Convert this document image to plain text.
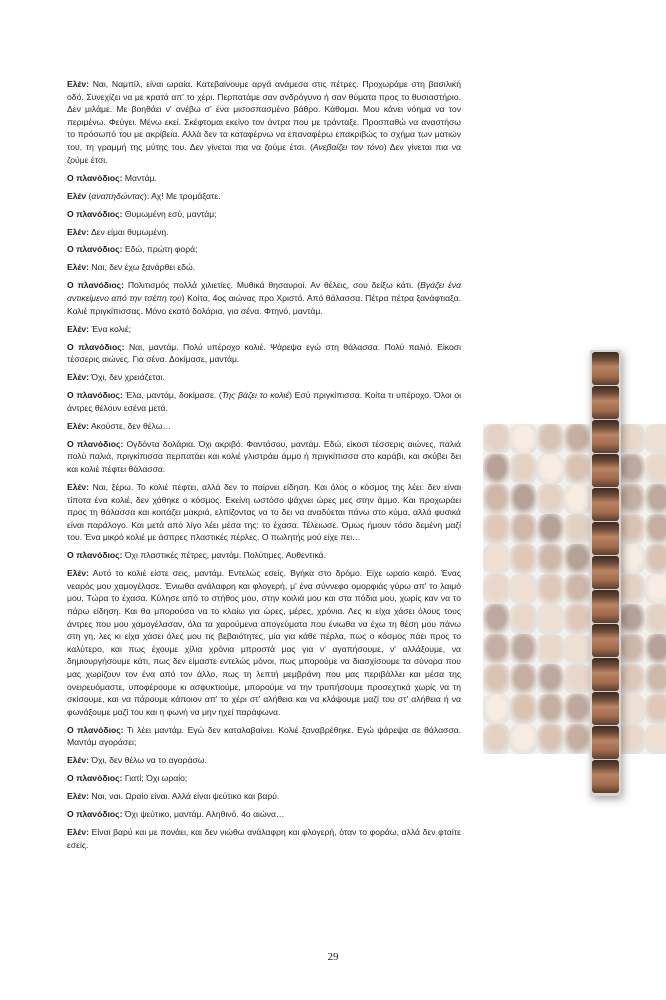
Ελέν: Ναι, Ναμπίλ, είναι ωραία. Κατεβαίνουμε αργά ανάμεσα στις πέτρες. Προχωράμε στη βασιλική οδό. Συνεχίζει να με κρατά απ' το χέρι. Περπατάμε σαν ανδρόγυνο ή σαν θύματα προς το θυσιαστήριο. Δεν μιλάμε. Με βοηθάει ν' ανέβω σ' ένα μισοσπασμένο βάθρο. Κάθομαι. Μου κάνει νόημα να τον περιμένω. Φεύγει. Μένω εκεί. Σκέφτομαι εκείνο τον άντρα που με τράνταξε. Προσπαθώ να αναστήσω το πρόσωπό του με ακρίβεια. Αλλά δεν τα καταφέρνω να επαναφέρω επακριβώς το σχήμα των ματιών του, τη γραμμή της μύτης του. Δεν γίνεται πια να ζούμε έτσι. (Ανεβαίζει τον τόνο) Δεν γίνεται πια να ζούμε έτσι.

Ο πλανόδιος: Μαντάμ.

Ελέν (αναπηδώντας): Αχ! Με τρομάξατε.

Ο πλανόδιος: Θυμωμένη εσύ, μαντάμ;

Ελέν: Δεν είμαι θυμωμένη.

Ο πλανόδιος: Εδώ, πρώτη φορά;

Ελέν: Ναι, δεν έχω ξανάρθει εδώ.

Ο πλανόδιος: Πολιτισμός πολλά χιλιετίες. Μυθικά θησαυροί. Αν θέλεις, σου δείξω κάτι. (Βγάζει ένα αντικείμενο από την τσέπη του) Κοίτα, 4ος αιώνας προ Χριστό. Από θάλασσα. Πέτρα πέτρα ξανάφτιαξα. Κολιέ πριγκίπισσας. Μόνο εκατό δολάρια, για σένα. Φτηνό, μαντάμ.

Ελέν: Ένα κολιέ;

Ο πλανόδιος: Ναι, μαντάμ. Πολύ υπέροχο κολιέ. Ψάρεψα εγώ στη θάλασσα. Πολύ παλιό. Είκοσι τέσσερις αιώνες. Για σένα. Δοκίμασε, μαντάμ.

Ελέν: Όχι, δεν χρειάζεται.

Ο πλανόδιος: Έλα, μαντάμ, δοκίμασε. (Της βάζει το κολιέ) Εσύ πριγκίπισσα. Κοίτα τι υπέροχο. Όλοι οι άντρες θέλουν εσένα μετά.

Ελέν: Ακούστε, δεν θέλω…

Ο πλανόδιος: Ογδόντα δολάρια. Όχι ακριβό. Φαντάσου, μαντάμ. Εδώ, είκοσι τέσσερις αιώνες, παλιά πολύ παλιά, πριγκίπισσα περπατάει και κολιέ γλιστράει άμμο ή πριγκίπισσα στο καράβι, και σκύβει δει και κολιέ πέφτει θάλασσα.

Ελέν: Ναι, ξέρω. Το κολιέ πέφτει, αλλά δεν το παίρνει είδηση. Και όλος ο κόσμος της λέει: δεν είναι τίποτα ένα κολιέ, δεν χάθηκε ο κόσμος. Εκείνη ωστόσο ψάχνει ώρες μες στην άμμο. Και προχωράει προς τη θάλασσα και κοιτάζει μακριά, ελπίζοντας να το δει να αναδύεται πάνω στο κύμα, αλλά φυσικά είναι παράλογο. Και μετά από λίγο λέει μέσα της: το έχασα. Τέλειωσε. Όμως ήμουν τόσο δεμένη μαζί του. Ένα μικρό κολιέ με άσπρες πλαστικές πέρλες. Ο πωλητής μού είχε πει…

Ο πλανόδιος: Όχι πλαστικές πέτρες, μαντάμ. Πολύτιμες. Αυθεντικά.

Ελέν: Αυτό το κολιέ είστε σεις, μαντάμ. Εντελώς εσείς. Βγήκα στο δρόμο. Είχε ωραίο καιρό. Ένας νεαρός μου χαμογέλασε. Ένιωθα ανάλαφρη και φλογερή, μ' ένα σύννεφο ομορφιάς γύρω απ' το λαιμό μου. Τώρα το έχασα. Κύλησε από το στήθος μου, στην κοιλιά μου και στα πόδια μου, χωρίς καν να το πάρω είδηση. Και θα μπορούσα να το κλαίω για ώρες, μέρες, χρόνια. Λες κι είχα χάσει όλους τους άντρες που μου χαμογέλασαν, όλα τα χαρούμενα απογεύματα που ένιωθα να έχω τη θέση μου πάνω στη γη, λες κι είχα χάσει όλες μου τις βεβαιότητες, μία για κάθε πέρλα, πως ο κόσμος πάει προς το καλύτερο, και πως έχουμε χίλια χρόνια μπροστά μας για ν' αγαπήσουμε, ν' αλλάξουμε, να δημιουργήσουμε κάτι, πως δεν είμαστε εντελώς μόνοι, πως μπορούμε να διασχίσουμε τα σύνορα που μας χωρίζουν τον ένα από τον άλλο, πως τη λεπτή μεμβράνη που μας περιβάλλει και μέσα της ονειρευόμαστε, υποφέρουμε κι ασφυκτιούμε, μπορούμε να την τρυπήσουμε προσεχτικά χωρίς να τη σκίσουμε, και να πάρουμε κάποιον απ' το χέρι στ' αλήθεια και να κλάψουμε μαζί του στ' αλήθεια ή να φωνάξουμε μαζί του και η φωνή να μην ηχεί παράφωνα.

Ο πλανόδιος: Τι λέει μαντάμ. Εγώ δεν καταλαβαίνει. Κολιέ ξαναβρέθηκε. Εγώ ψάρεψα σε θάλασσα. Μαντάμ αγοράσει;

Ελέν: Όχι, δεν θέλω να το αγοράσω.

Ο πλανόδιος: Γιατί; Όχι ωραίο;

Ελέν: Ναι, ναι. Ωραίο είναι. Αλλά είναι ψεύτικο και βαρύ.

Ο πλανόδιος: Όχι ψεύτικο, μαντάμ. Αληθινό. 4ο αιώνα…

Ελέν: Είναι βαρύ και με πονάει, και δεν νιώθω ανάλαφρη και φλογερή, όταν το φοράω, αλλά δεν φταίτε εσείς.

29
